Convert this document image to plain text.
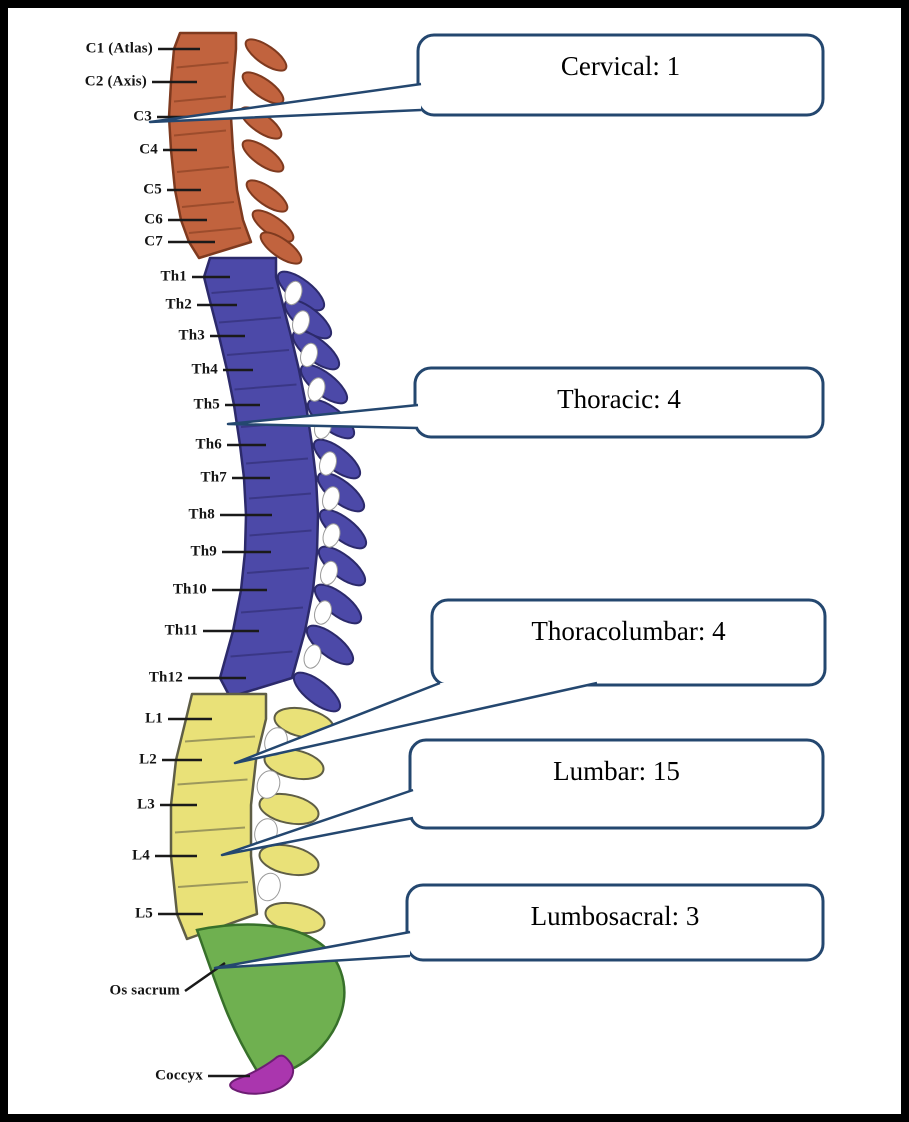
C1 (Atlas)
C2 (Axis)
C3
C4
C5
C6
C7
Th1
Th2
Th3
Th4
Th5
Th6
Th7
Th8
Th9
Th10
Th11
Th12
L1
L2
L3
L4
L5
Os sacrum
Coccyx
Cervical: 1
Thoracic: 4
Thoracolumbar: 4
Lumbar: 15
Lumbosacral: 3
